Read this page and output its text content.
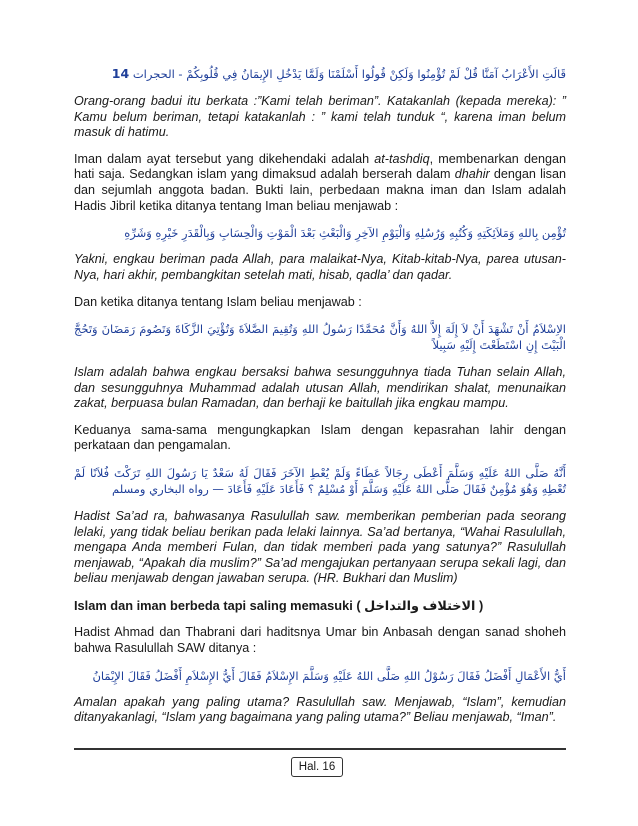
قَالَتِ الأَعْرَابُ آمَنَّا قُلْ لَمْ تُؤْمِنُوا وَلَكِنْ قُولُوا أَسْلَمْنَا وَلَمَّا يَدْخُلِ الإِيمَانُ فِي قُلُوبِكُمْ - الحجرات 14

Orang-orang badui itu berkata :”Kami telah beriman”. Katakanlah (kepada mereka): ” Kamu belum beriman, tetapi katakanlah : ” kami telah tunduk “, karena iman belum masuk di hatimu.

Iman dalam ayat tersebut yang dikehendaki adalah at-tashdiq, membenarkan dengan hati saja. Sedangkan islam yang dimaksud adalah berserah dalam dhahir dengan lisan dan sejumlah anggota badan. Bukti lain, perbedaan makna iman dan Islam adalah Hadis Jibril ketika ditanya tentang Iman beliau menjawab :

تُؤْمِن بِاللهِ وَمَلاَئِكَتِهِ وَكُتُبِهِ وَرُسُلِهِ وَالْيَوْمِ الآخِرِ وَالْبَعْثِ بَعْدَ الْمَوْتِ وَالْحِسَابِ وَبِالْقَدَرِ خَيْرِهِ وَشَرِّهِ

Yakni, engkau beriman pada Allah, para malaikat-Nya, Kitab-kitab-Nya, parea utusan-Nya, hari akhir, pembangkitan setelah mati, hisab, qadla’ dan qadar.

Dan ketika ditanya tentang Islam beliau menjawab :

الاِسْلاَمُ أَنْ تَشْهَدَ أَنْ لاَ إِلَهَ إِلاَّ اللهُ وَأَنَّ مُحَمَّدًا رَسُولُ اللهِ وَتُقِيمَ الصَّلاَةَ وَتُؤْتِيَ الزَّكَاةَ وَتَصُومَ رَمَضَانَ وَتَحُجَّ الْبَيْتَ إِنِ اسْتَطَعْتَ إِلَيْهِ سَبِيلاً

Islam adalah bahwa engkau bersaksi bahwa sesungguhnya tiada Tuhan selain Allah, dan sesungguhnya Muhammad adalah utusan Allah, mendirikan shalat, menunaikan zakat, berpuasa bulan Ramadan, dan berhaji ke baitullah jika engkau mampu.

Keduanya sama-sama mengungkapkan Islam dengan kepasrahan lahir dengan perkataan dan pengamalan.

أَنَّهُ صَلَّى اللهُ عَلَيْهِ وَسَلَّمَ أَعْطَى رِجَالاً عَطَاءً وَلَمْ يُعْطِ الآخَرَ فَقَالَ لَهُ سَعْدٌ يَا رَسُولَ اللهِ تَرَكْتَ فُلاَنًا لَمْ تُعْطِهِ وَهُوَ مُؤْمِنٌ فَقَالَ صَلَّى اللهُ عَلَيْهِ وَسَلَّمَ أَوْ مُسْلِمٌ ؟ فَأَعَادَ عَلَيْهِ فَأَعَادَ — رواه البخاري ومسلم

Hadist Sa’ad ra, bahwasanya Rasulullah saw. memberikan pemberian pada seorang lelaki, yang tidak beliau berikan pada lelaki lainnya. Sa’ad bertanya, “Wahai Rasulullah, mengapa Anda memberi Fulan, dan tidak memberi pada yang satunya?” Rasulullah menjawab, “Apakah dia muslim?” Sa’ad mengajukan pertanyaan serupa sekali lagi, dan beliau menjawab dengan jawaban serupa. (HR. Bukhari dan Muslim)

Islam dan iman berbeda tapi saling memasuki ( الاختلاف والتداخل )

Hadist Ahmad dan Thabrani dari haditsnya Umar bin Anbasah dengan sanad shoheh bahwa Rasulullah SAW ditanya :

أَيُّ الأَعْمَالِ أَفْضَلُ فَقَالَ رَسُوْلُ اللهِ صَلَّى اللهُ عَلَيْهِ وَسَلَّمَ الإِسْلاَمُ فَقَالَ أَيُّ الإِسْلاَمِ أَفْضَلُ فَقَالَ الإِيْمَانُ

Amalan apakah yang paling utama? Rasulullah saw. Menjawab, “Islam”, kemudian ditanyakanlagi, “Islam yang bagaimana yang paling utama?” Beliau menjawab, “Iman”.

Hal. 16
